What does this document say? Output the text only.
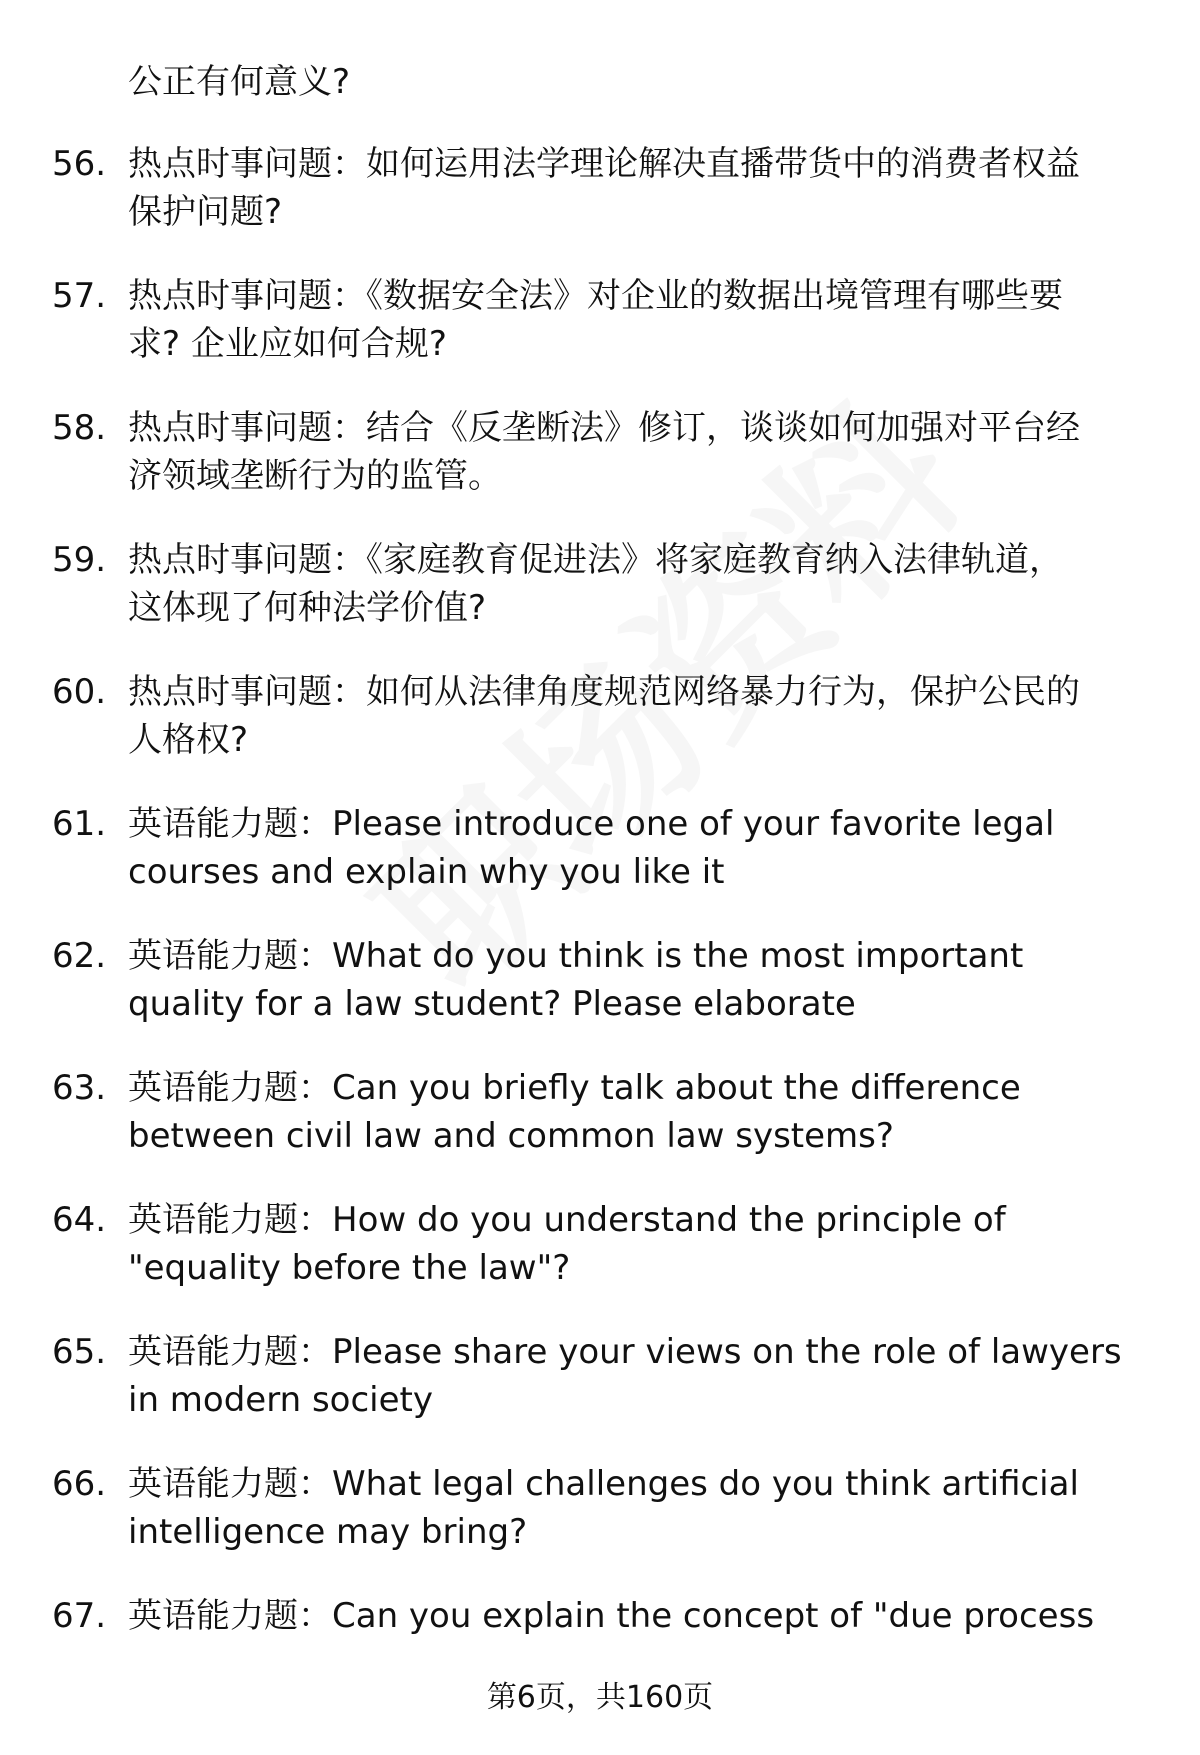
公正有何意义?
56. 热点时事问题：如何运用法学理论解决直播带货中的消费者权益
保护问题?
57. 热点时事问题：《数据安全法》对企业的数据出境管理有哪些要
求? 企业应如何合规?
58. 热点时事问题：结合《反垄断法》修订，谈谈如何加强对平台经
济领域垄断行为的监管。
59. 热点时事问题：《家庭教育促进法》将家庭教育纳入法律轨道，
这体现了何种法学价值?
60. 热点时事问题：如何从法律角度规范网络暴力行为，保护公民的
人格权?
61. 英语能力题：Please introduce one of your favorite legal
courses and explain why you like it
62. 英语能力题：What do you think is the most important
quality for a law student? Please elaborate
63. 英语能力题：Can you briefly talk about the difference
between civil law and common law systems?
64. 英语能力题：How do you understand the principle of
"equality before the law"?
65. 英语能力题：Please share your views on the role of lawyers
in modern society
66. 英语能力题：What legal challenges do you think artificial
intelligence may bring?
67. 英语能力题：Can you explain the concept of "due process
第6页，共160页
